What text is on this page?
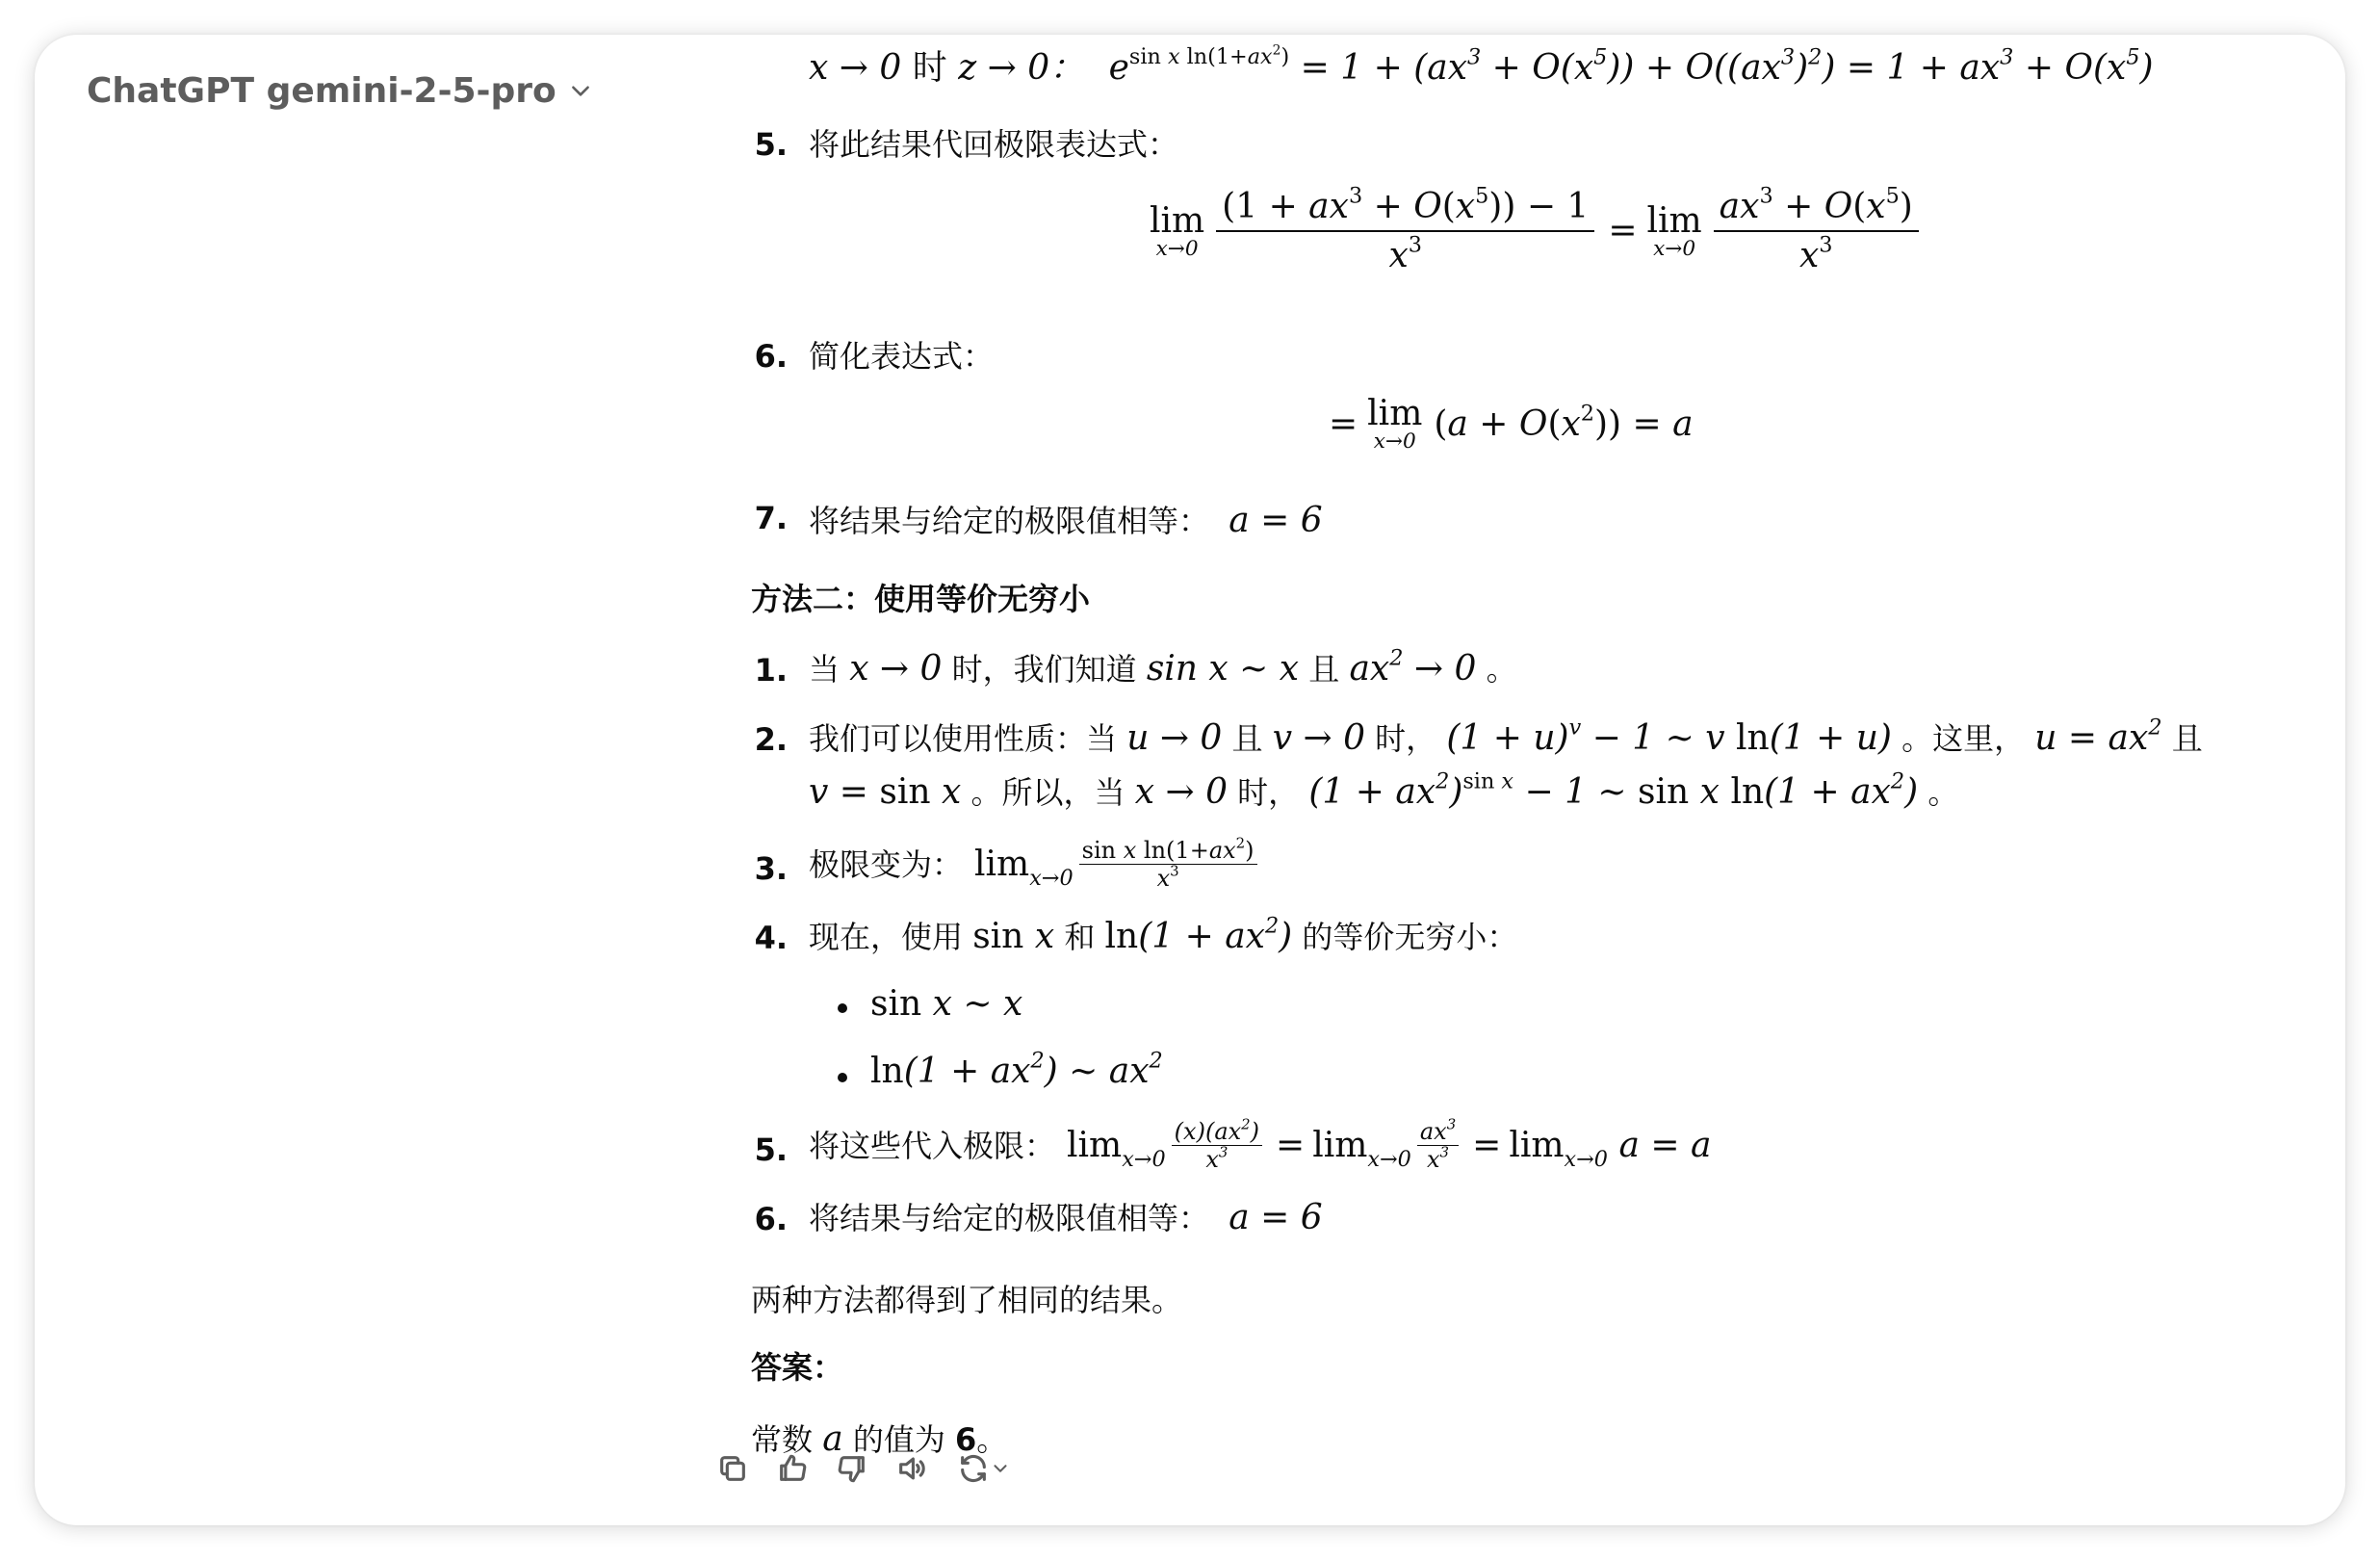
ChatGPT gemini-2-5-pro
x → 0 时 z → 0： $e^{sin x ln(1+ax^2)} = 1 + (ax^3 + O(x^5)) + O((ax^3)^2) = 1 + ax^3 + O(x^5)$
5. 将此结果代回极限表达式：
lim
$x\to 0 \frac{(1 + ax^3 + O(x^5)) - 1}{x^3} = \lim$
$x\to 0 \frac{ax^3 + O(x^5)}{x^3}$
6. 简化表达式：
= lim
x→0 $(a + O(x^2)) = a$
7. 将结果与给定的极限值相等： a = 6
方法二：使用等价无穷小
1. 当 x → 0 时，我们知道 sin x ∼ x 且 $ax^2 \to 0$ 。
2. 我们可以使用性质：当 u → 0 且 v → 0 时， $(1 + u)^v - 1$ ∼ v ln(1 + u) 。这里， $u = ax^2$ 且
v = sin x 。所以，当 x → 0 时， $(1 + ax^2)^{sin x} - 1$ ∼ sin x $\ln(1 + ax^2)$ 。
3. 极限变为： $\lim_{x\to 0}$
sin x $\ln(1+ax^2)$
$x^3$
4. 现在，使用 sin x 和 $\ln(1 + ax^2)$ 的等价无穷小：
sin x ∼ x
$\ln(1 + ax^2)$ ∼ $ax^2$
5. 将这些代入极限： $\lim_{x\to 0} \frac{(x)(ax^2)}{x^3} = \lim_{x\to 0} \frac{ax^3}{x^3} = \lim_{x\to 0} a = a$
6. 将结果与给定的极限值相等： a = 6
两种方法都得到了相同的结果。
答案：
常数 a 的值为 6。
